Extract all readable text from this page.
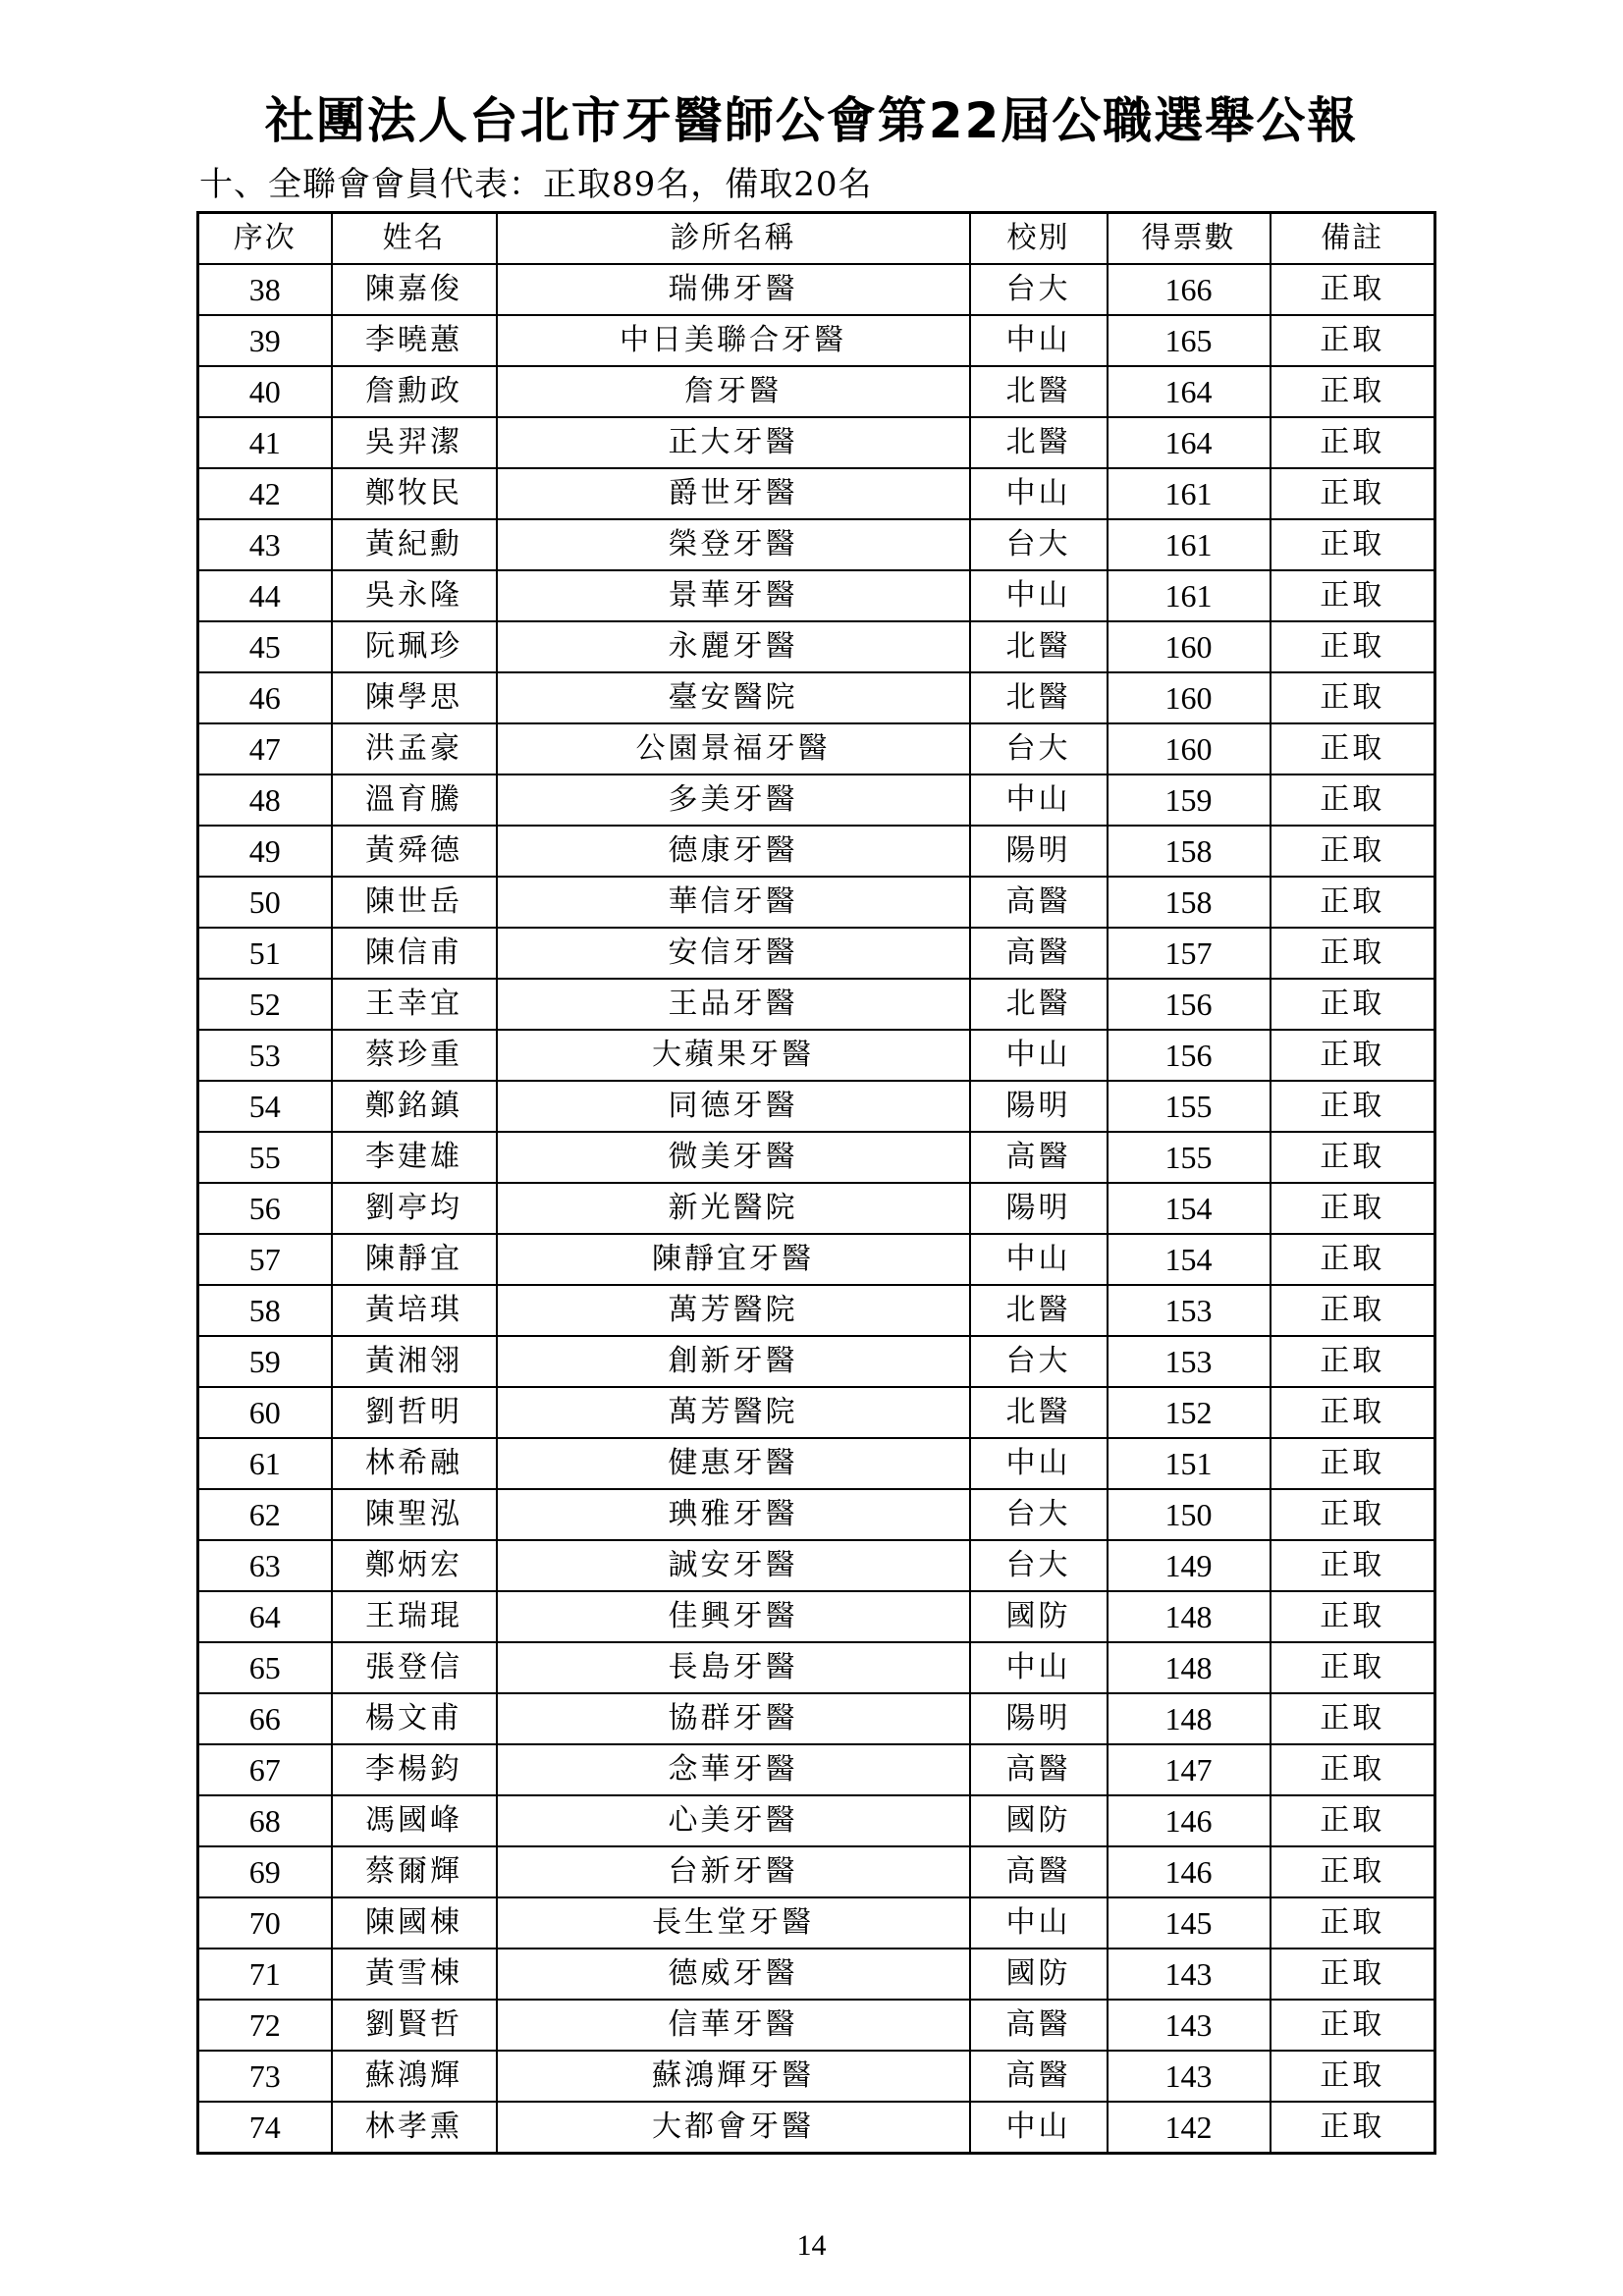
社團法人台北市牙醫師公會第22屆公職選舉公報
十、全聯會會員代表：正取89名，備取20名
序次	姓名	診所名稱	校別	得票數	備註
38	陳嘉俊	瑞佛牙醫	台大	166	正取
39	李曉蕙	中日美聯合牙醫	中山	165	正取
40	詹勳政	詹牙醫	北醫	164	正取
41	吳羿潔	正大牙醫	北醫	164	正取
42	鄭牧民	爵世牙醫	中山	161	正取
43	黃紀勳	榮登牙醫	台大	161	正取
44	吳永隆	景華牙醫	中山	161	正取
45	阮珮珍	永麗牙醫	北醫	160	正取
46	陳學思	臺安醫院	北醫	160	正取
47	洪孟豪	公園景福牙醫	台大	160	正取
48	溫育騰	多美牙醫	中山	159	正取
49	黃舜德	德康牙醫	陽明	158	正取
50	陳世岳	華信牙醫	高醫	158	正取
51	陳信甫	安信牙醫	高醫	157	正取
52	王幸宜	王品牙醫	北醫	156	正取
53	蔡珍重	大蘋果牙醫	中山	156	正取
54	鄭銘鎮	同德牙醫	陽明	155	正取
55	李建雄	微美牙醫	高醫	155	正取
56	劉亭均	新光醫院	陽明	154	正取
57	陳靜宜	陳靜宜牙醫	中山	154	正取
58	黃培琪	萬芳醫院	北醫	153	正取
59	黃湘翎	創新牙醫	台大	153	正取
60	劉哲明	萬芳醫院	北醫	152	正取
61	林希融	健惠牙醫	中山	151	正取
62	陳聖泓	琠雅牙醫	台大	150	正取
63	鄭炳宏	誠安牙醫	台大	149	正取
64	王瑞琨	佳興牙醫	國防	148	正取
65	張登信	長島牙醫	中山	148	正取
66	楊文甫	協群牙醫	陽明	148	正取
67	李楊鈞	念華牙醫	高醫	147	正取
68	馮國峰	心美牙醫	國防	146	正取
69	蔡爾輝	台新牙醫	高醫	146	正取
70	陳國棟	長生堂牙醫	中山	145	正取
71	黃雪棟	德威牙醫	國防	143	正取
72	劉賢哲	信華牙醫	高醫	143	正取
73	蘇鴻輝	蘇鴻輝牙醫	高醫	143	正取
74	林孝熏	大都會牙醫	中山	142	正取
14
